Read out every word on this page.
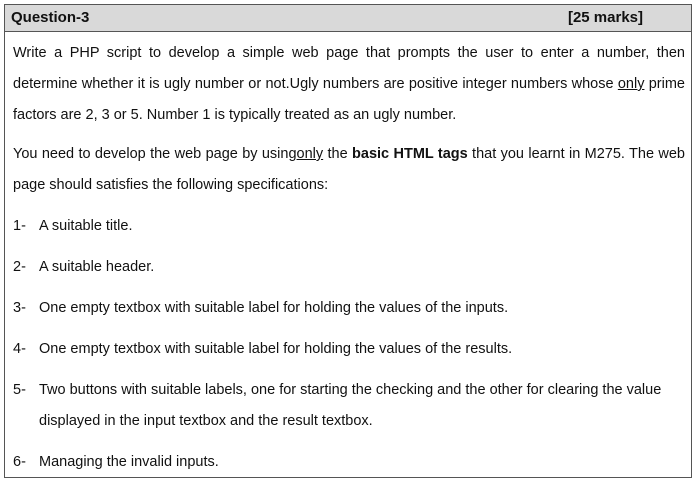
Question-3	[25 marks]

Write a PHP script to develop a simple web page that prompts the user to enter a number, then determine whether it is ugly number or not.Ugly numbers are positive integer numbers whose only prime factors are 2, 3 or 5. Number 1 is typically treated as an ugly number.

You need to develop the web page by usingonly the basic HTML tags that you learnt in M275. The web page should satisfies the following specifications:

1- A suitable title.
2- A suitable header.
3- One empty textbox with suitable label for holding the values of the inputs.
4- One empty textbox with suitable label for holding the values of the results.
5- Two buttons with suitable labels, one for starting the checking and the other for clearing the value displayed in the input textbox and the result textbox.
6- Managing the invalid inputs.
